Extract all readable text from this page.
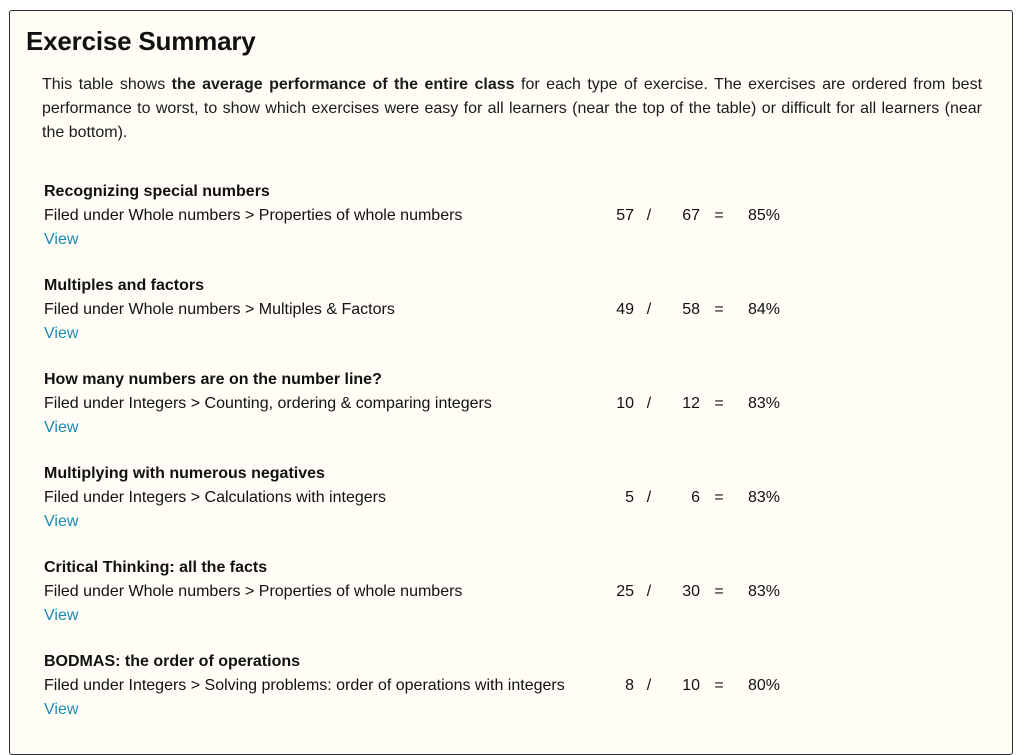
Exercise Summary

This table shows the average performance of the entire class for each type of exercise. The exercises are ordered from best performance to worst, to show which exercises were easy for all learners (near the top of the table) or difficult for all learners (near the bottom).

Recognizing special numbers
Filed under Whole numbers > Properties of whole numbers	57 /	67 =	85%
View
Multiples and factors
Filed under Whole numbers > Multiples & Factors	49 /	58 =	84%
View
How many numbers are on the number line?
Filed under Integers > Counting, ordering & comparing integers	10 /	12 =	83%
View
Multiplying with numerous negatives
Filed under Integers > Calculations with integers	5 /	6 =	83%
View
Critical Thinking: all the facts
Filed under Whole numbers > Properties of whole numbers	25 /	30 =	83%
View
BODMAS: the order of operations
Filed under Integers > Solving problems: order of operations with integers	8 /	10 =	80%
View
